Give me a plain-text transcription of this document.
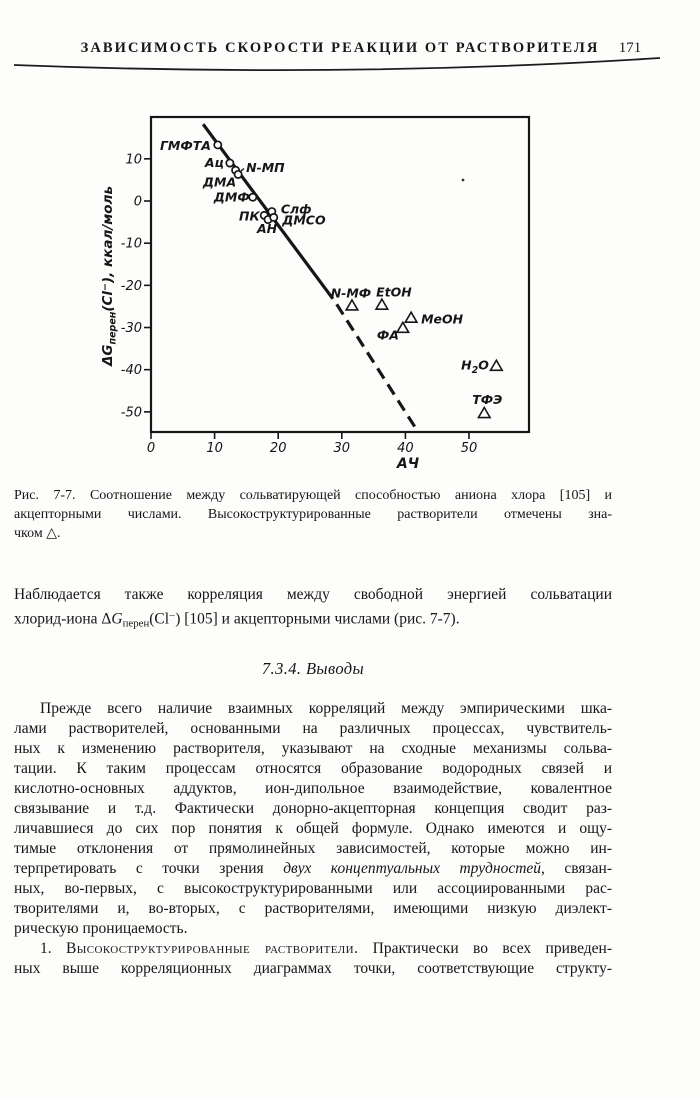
ЗАВИСИМОСТЬ СКОРОСТИ РЕАКЦИИ ОТ РАСТВОРИТЕЛЯ	171
10
0
-10
-20
-30
-40
-50
0	10	20	30	40	50
АЧ
$\Delta G_{перен}(Cl^-)$, ккал/моль
ГМФТА
Ац N-МП
ДМА
ДМФ
ПК
АН
Слф
ДМСО
N-МФ EtOH
МеОН
ФА
$H_2O$
ТФЭ
Рис. 7-7. Соотношение между сольватирующей способностью аниона хлора [105] и
акцепторными числами. Высокоструктурированные растворители отмечены зна-
чком △.
Наблюдается также корреляция между свободной энергией сольватации
хлорид-иона $\Delta G_{перен}(Cl^-)$ [105] и акцепторными числами (рис. 7-7).
7.3.4. Выводы
Прежде всего наличие взаимных корреляций между эмпирическими шка-
лами растворителей, основанными на различных процессах, чувствитель-
ных к изменению растворителя, указывают на сходные механизмы сольва-
тации. К таким процессам относятся образование водородных связей и
кислотно-основных аддуктов, ион-дипольное взаимодействие, ковалентное
связывание и т.д. Фактически донорно-акцепторная концепция сводит раз-
личавшиеся до сих пор понятия к общей формуле. Однако имеются и ощу-
тимые отклонения от прямолинейных зависимостей, которые можно ин-
терпретировать с точки зрения двух концептуальных трудностей, связан-
ных, во-первых, с высокоструктурированными или ассоциированными рас-
творителями и, во-вторых, с растворителями, имеющими низкую диэлект-
рическую проницаемость.
1. Высокоструктурированные растворители. Практически во всех приведен-
ных выше корреляционных диаграммах точки, соответствующие структу-
